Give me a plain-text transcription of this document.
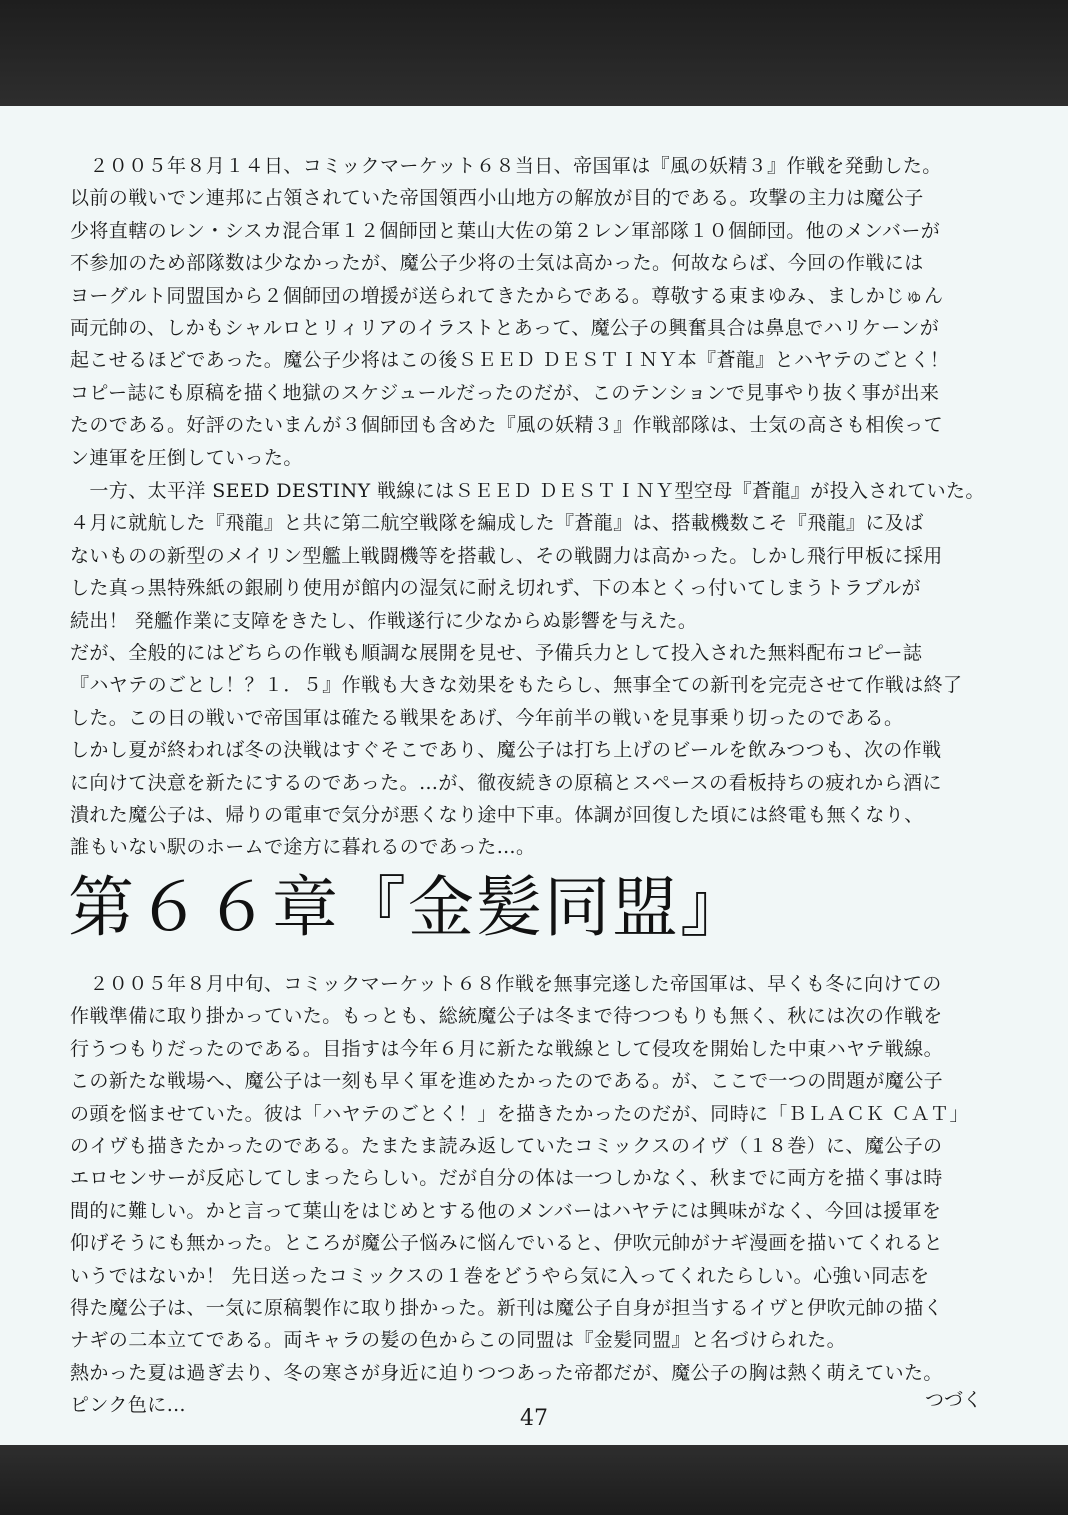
　２００５年８月１４日、コミックマーケット６８当日、帝国軍は『風の妖精３』作戦を発動した。
以前の戦いでン連邦に占領されていた帝国領西小山地方の解放が目的である。攻撃の主力は魔公子
少将直轄のレン・シスカ混合軍１２個師団と葉山大佐の第２レン軍部隊１０個師団。他のメンバーが
不参加のため部隊数は少なかったが、魔公子少将の士気は高かった。何故ならば、今回の作戦には
ヨーグルト同盟国から２個師団の増援が送られてきたからである。尊敬する東まゆみ、ましかじゅん
両元帥の、しかもシャルロとリィリアのイラストとあって、魔公子の興奮具合は鼻息でハリケーンが
起こせるほどであった。魔公子少将はこの後ＳＥＥＤ ＤＥＳＴＩＮＹ本『蒼龍』とハヤテのごとく！
コピー誌にも原稿を描く地獄のスケジュールだったのだが、このテンションで見事やり抜く事が出来
たのである。好評のたいまんが３個師団も含めた『風の妖精３』作戦部隊は、士気の高さも相俟って
ン連軍を圧倒していった。

　一方、太平洋 SEED DESTINY 戦線にはＳＥＥＤ ＤＥＳＴＩＮＹ型空母『蒼龍』が投入されていた。
４月に就航した『飛龍』と共に第二航空戦隊を編成した『蒼龍』は、搭載機数こそ『飛龍』に及ば
ないものの新型のメイリン型艦上戦闘機等を搭載し、その戦闘力は高かった。しかし飛行甲板に採用
した真っ黒特殊紙の銀刷り使用が館内の湿気に耐え切れず、下の本とくっ付いてしまうトラブルが
続出！ 発艦作業に支障をきたし、作戦遂行に少なからぬ影響を与えた。
だが、全般的にはどちらの作戦も順調な展開を見せ、予備兵力として投入された無料配布コピー誌
『ハヤテのごとし！？１．５』作戦も大きな効果をもたらし、無事全ての新刊を完売させて作戦は終了
した。この日の戦いで帝国軍は確たる戦果をあげ、今年前半の戦いを見事乗り切ったのである。
しかし夏が終われば冬の決戦はすぐそこであり、魔公子は打ち上げのビールを飲みつつも、次の作戦
に向けて決意を新たにするのであった。…が、徹夜続きの原稿とスペースの看板持ちの疲れから酒に
潰れた魔公子は、帰りの電車で気分が悪くなり途中下車。体調が回復した頃には終電も無くなり、
誰もいない駅のホームで途方に暮れるのであった…。

第６６章『金髪同盟』

　２００５年８月中旬、コミックマーケット６８作戦を無事完遂した帝国軍は、早くも冬に向けての
作戦準備に取り掛かっていた。もっとも、総統魔公子は冬まで待つつもりも無く、秋には次の作戦を
行うつもりだったのである。目指すは今年６月に新たな戦線として侵攻を開始した中東ハヤテ戦線。
この新たな戦場へ、魔公子は一刻も早く軍を進めたかったのである。が、ここで一つの問題が魔公子
の頭を悩ませていた。彼は「ハヤテのごとく！」を描きたかったのだが、同時に「ＢＬＡＣＫ ＣＡＴ」
のイヴも描きたかったのである。たまたま読み返していたコミックスのイヴ（１８巻）に、魔公子の
エロセンサーが反応してしまったらしい。だが自分の体は一つしかなく、秋までに両方を描く事は時
間的に難しい。かと言って葉山をはじめとする他のメンバーはハヤテには興味がなく、今回は援軍を
仰げそうにも無かった。ところが魔公子悩みに悩んでいると、伊吹元帥がナギ漫画を描いてくれると
いうではないか！ 先日送ったコミックスの１巻をどうやら気に入ってくれたらしい。心強い同志を
得た魔公子は、一気に原稿製作に取り掛かった。新刊は魔公子自身が担当するイヴと伊吹元帥の描く
ナギの二本立てである。両キャラの髪の色からこの同盟は『金髪同盟』と名づけられた。
熱かった夏は過ぎ去り、冬の寒さが身近に迫りつつあった帝都だが、魔公子の胸は熱く萌えていた。
ピンク色に…	つづく
47
